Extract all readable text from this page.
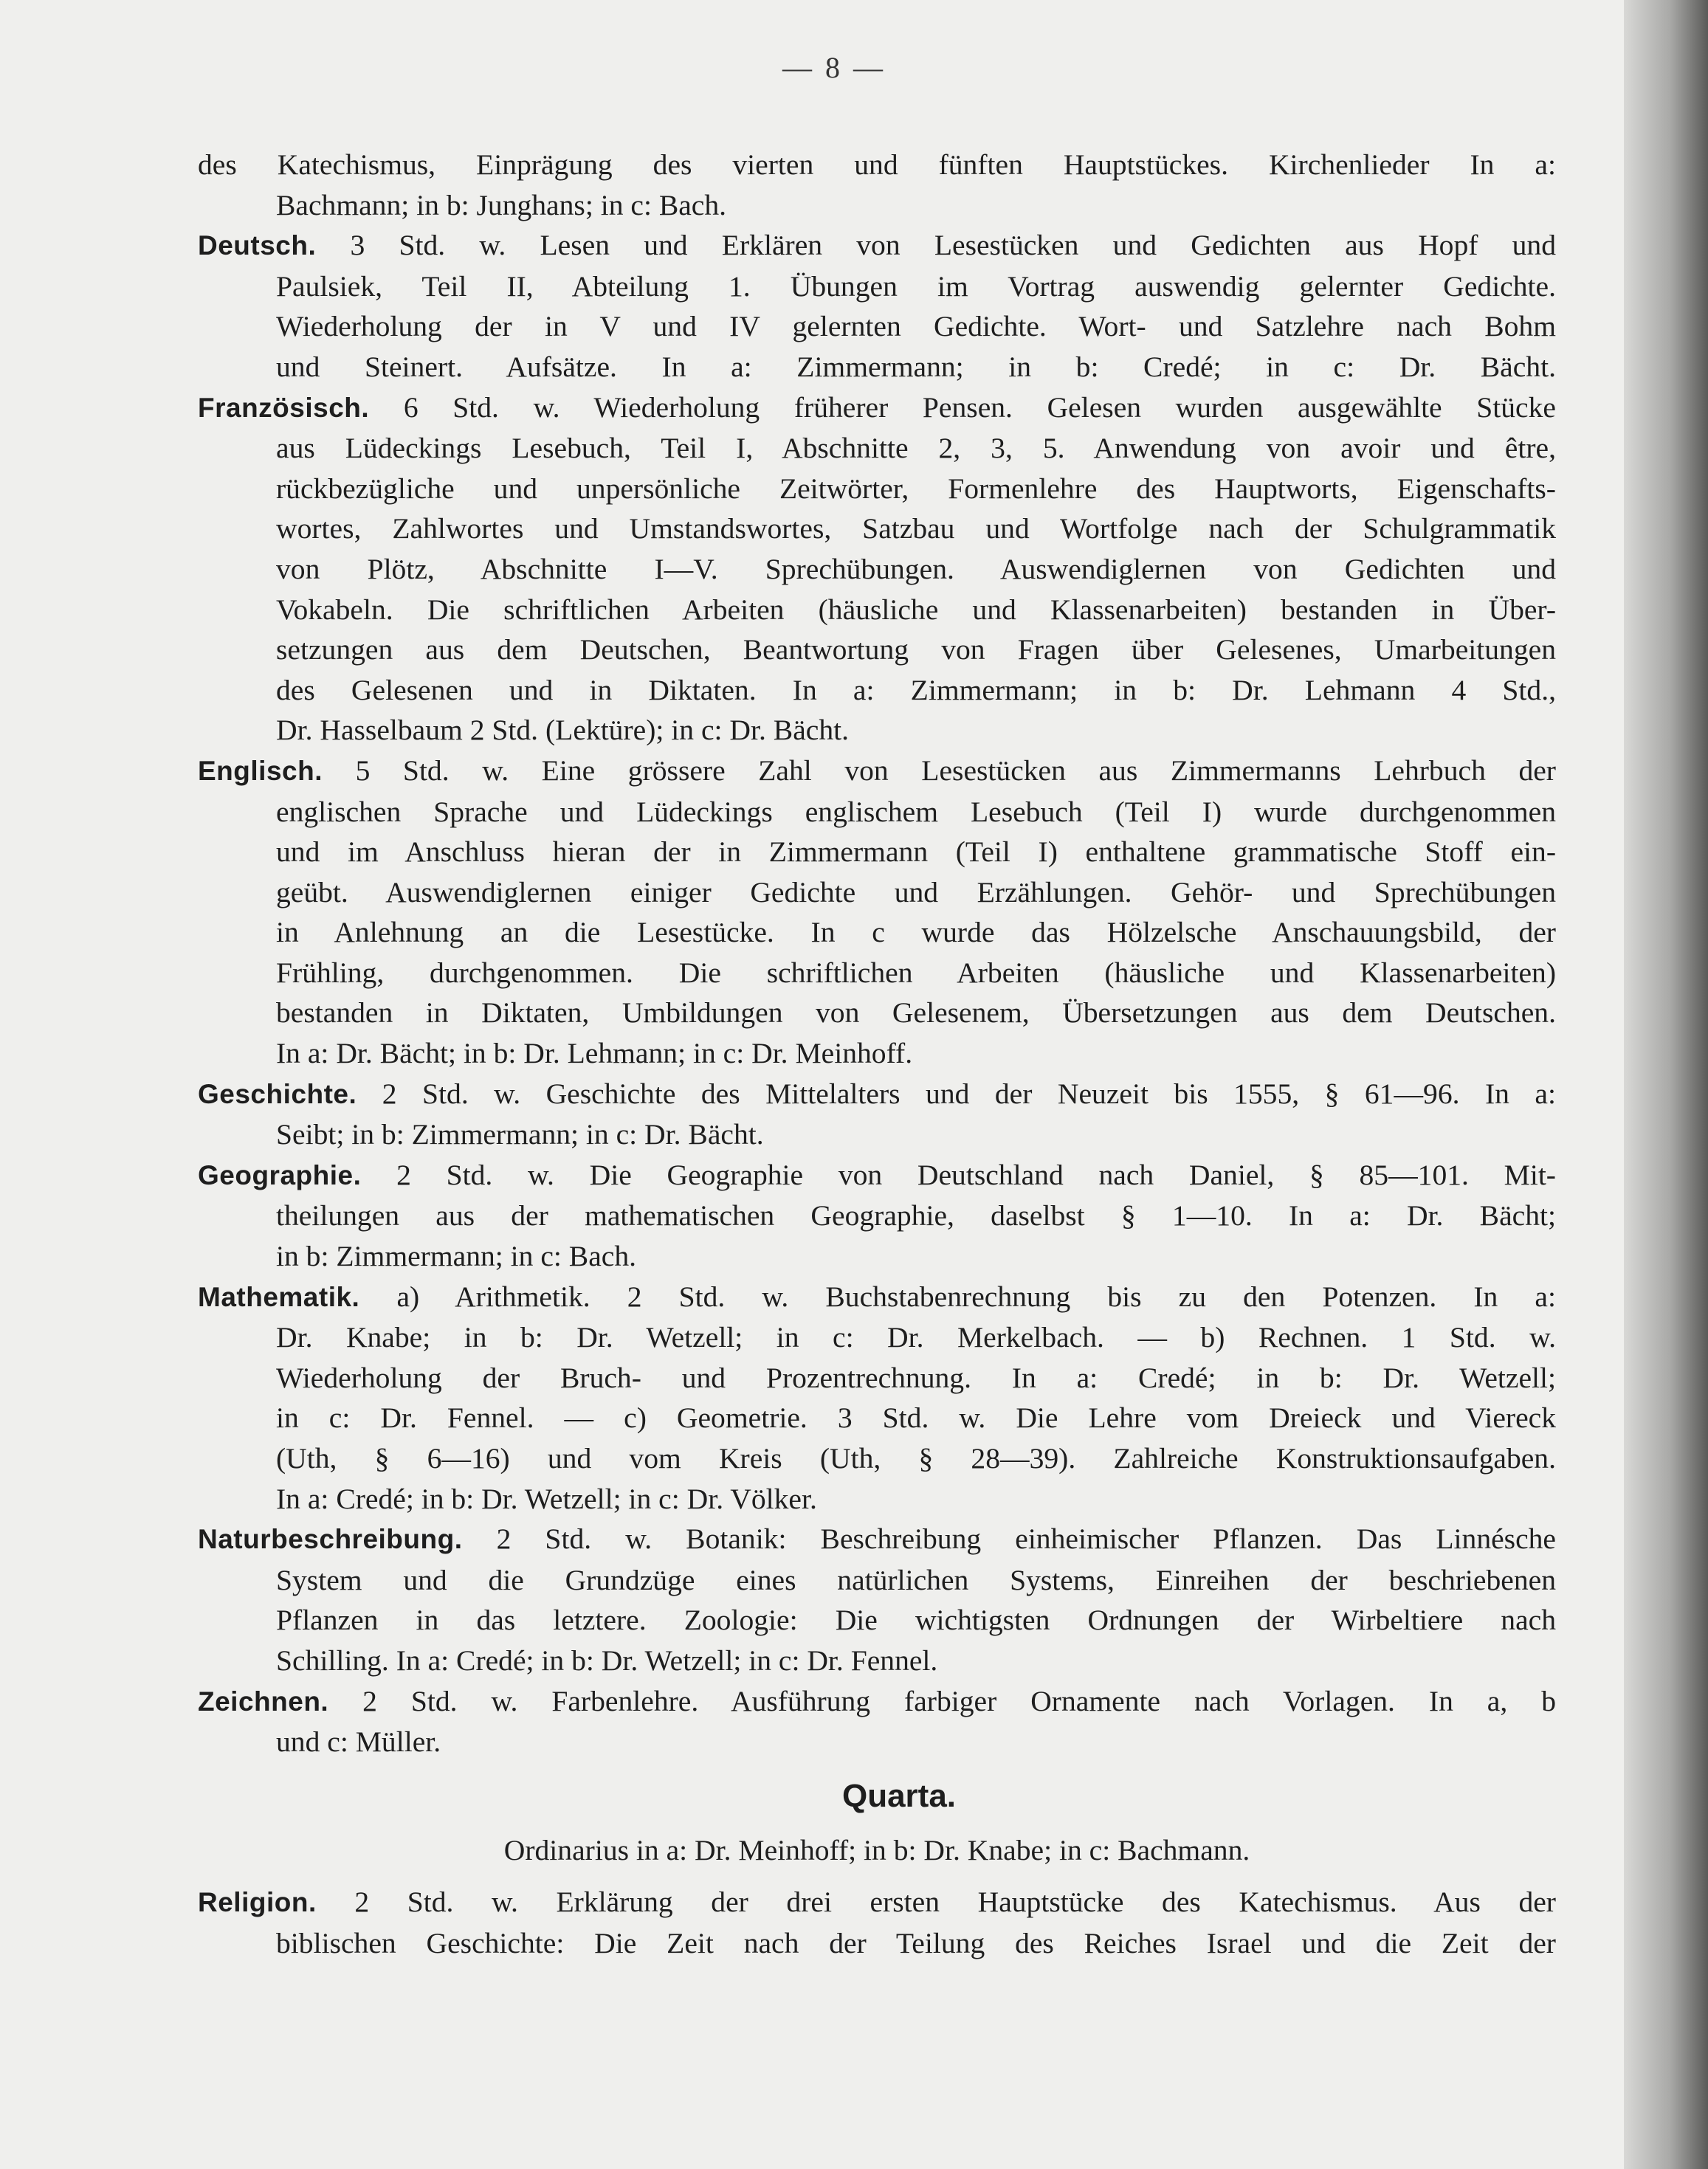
— 8 —
des Katechismus, Einprägung des vierten und fünften Hauptstückes. Kirchenlieder In a:
Bachmann; in b: Junghans; in c: Bach.
Deutsch. 3 Std. w. Lesen und Erklären von Lesestücken und Gedichten aus Hopf und
Paulsiek, Teil II, Abteilung 1. Übungen im Vortrag auswendig gelernter Gedichte.
Wiederholung der in V und IV gelernten Gedichte. Wort- und Satzlehre nach Bohm
und Steinert. Aufsätze. In a: Zimmermann; in b: Credé; in c: Dr. Bächt.
Französisch. 6 Std. w. Wiederholung früherer Pensen. Gelesen wurden ausgewählte Stücke
aus Lüdeckings Lesebuch, Teil I, Abschnitte 2, 3, 5. Anwendung von avoir und être,
rückbezügliche und unpersönliche Zeitwörter, Formenlehre des Hauptworts, Eigenschafts-
wortes, Zahlwortes und Umstandswortes, Satzbau und Wortfolge nach der Schulgrammatik
von Plötz, Abschnitte I—V. Sprechübungen. Auswendiglernen von Gedichten und
Vokabeln. Die schriftlichen Arbeiten (häusliche und Klassenarbeiten) bestanden in Über-
setzungen aus dem Deutschen, Beantwortung von Fragen über Gelesenes, Umarbeitungen
des Gelesenen und in Diktaten. In a: Zimmermann; in b: Dr. Lehmann 4 Std.,
Dr. Hasselbaum 2 Std. (Lektüre); in c: Dr. Bächt.
Englisch. 5 Std. w. Eine grössere Zahl von Lesestücken aus Zimmermanns Lehrbuch der
englischen Sprache und Lüdeckings englischem Lesebuch (Teil I) wurde durchgenommen
und im Anschluss hieran der in Zimmermann (Teil I) enthaltene grammatische Stoff ein-
geübt. Auswendiglernen einiger Gedichte und Erzählungen. Gehör- und Sprechübungen
in Anlehnung an die Lesestücke. In c wurde das Hölzelsche Anschauungsbild, der
Frühling, durchgenommen. Die schriftlichen Arbeiten (häusliche und Klassenarbeiten)
bestanden in Diktaten, Umbildungen von Gelesenem, Übersetzungen aus dem Deutschen.
In a: Dr. Bächt; in b: Dr. Lehmann; in c: Dr. Meinhoff.
Geschichte. 2 Std. w. Geschichte des Mittelalters und der Neuzeit bis 1555, § 61—96. In a:
Seibt; in b: Zimmermann; in c: Dr. Bächt.
Geographie. 2 Std. w. Die Geographie von Deutschland nach Daniel, § 85—101. Mit-
theilungen aus der mathematischen Geographie, daselbst § 1—10. In a: Dr. Bächt;
in b: Zimmermann; in c: Bach.
Mathematik. a) Arithmetik. 2 Std. w. Buchstabenrechnung bis zu den Potenzen. In a:
Dr. Knabe; in b: Dr. Wetzell; in c: Dr. Merkelbach. — b) Rechnen. 1 Std. w.
Wiederholung der Bruch- und Prozentrechnung. In a: Credé; in b: Dr. Wetzell;
in c: Dr. Fennel. — c) Geometrie. 3 Std. w. Die Lehre vom Dreieck und Viereck
(Uth, § 6—16) und vom Kreis (Uth, § 28—39). Zahlreiche Konstruktionsaufgaben.
In a: Credé; in b: Dr. Wetzell; in c: Dr. Völker.
Naturbeschreibung. 2 Std. w. Botanik: Beschreibung einheimischer Pflanzen. Das Linnésche
System und die Grundzüge eines natürlichen Systems, Einreihen der beschriebenen
Pflanzen in das letztere. Zoologie: Die wichtigsten Ordnungen der Wirbeltiere nach
Schilling. In a: Credé; in b: Dr. Wetzell; in c: Dr. Fennel.
Zeichnen. 2 Std. w. Farbenlehre. Ausführung farbiger Ornamente nach Vorlagen. In a, b
und c: Müller.
Quarta.
Ordinarius in a: Dr. Meinhoff; in b: Dr. Knabe; in c: Bachmann.
Religion. 2 Std. w. Erklärung der drei ersten Hauptstücke des Katechismus. Aus der
biblischen Geschichte: Die Zeit nach der Teilung des Reiches Israel und die Zeit der
